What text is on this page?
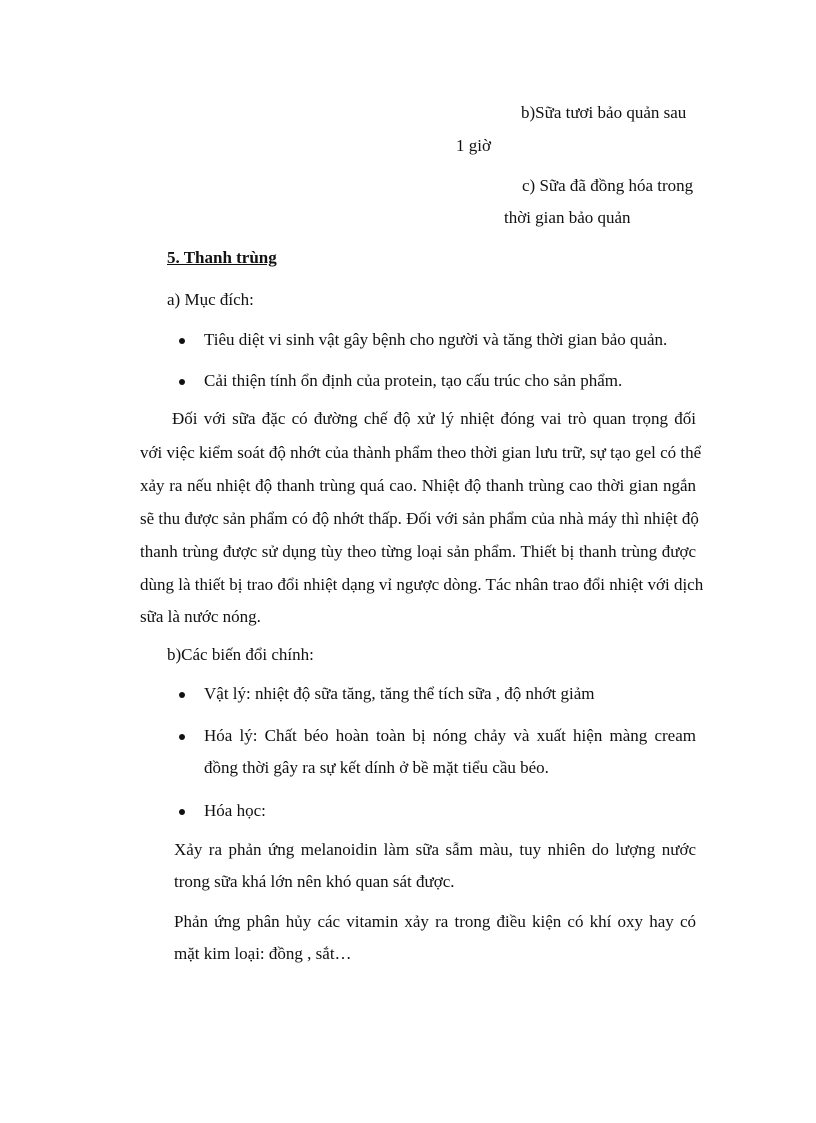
b)Sữa tươi bảo quản sau
1 giờ
c) Sữa đã đồng hóa trong
thời gian bảo quản
5. Thanh trùng
a) Mục đích:
Tiêu diệt vi sinh vật gây bệnh cho người và tăng thời gian bảo quản.
Cải thiện tính ổn định của protein, tạo cấu trúc cho sản phẩm.
Đối với sữa đặc có đường chế độ xử lý nhiệt đóng vai trò quan trọng đối
với việc kiểm soát độ nhớt của thành phẩm theo thời gian lưu trữ, sự tạo gel có thể
xảy ra nếu nhiệt độ thanh trùng quá cao. Nhiệt độ thanh trùng cao thời gian ngắn
sẽ thu được sản phẩm có độ nhớt thấp. Đối với sản phẩm của nhà máy thì nhiệt độ
thanh trùng được sử dụng tùy theo từng loại sản phẩm. Thiết bị thanh trùng được
dùng là thiết bị trao đổi nhiệt dạng vỉ ngược dòng. Tác nhân trao đổi nhiệt với dịch
sữa là nước nóng.
b)Các biến đổi chính:
Vật lý: nhiệt độ sữa tăng, tăng thể tích sữa , độ nhớt giảm
Hóa lý: Chất béo hoàn toàn bị nóng chảy và xuất hiện màng cream
đồng thời gây ra sự kết dính ở bề mặt tiểu cầu béo.
Hóa học:
Xảy ra phản ứng melanoidin làm sữa sẫm màu, tuy nhiên do lượng nước
trong sữa khá lớn nên khó quan sát được.
Phản ứng phân hủy các vitamin xảy ra trong điều kiện có khí oxy hay có
mặt kim loại: đồng , sắt…
